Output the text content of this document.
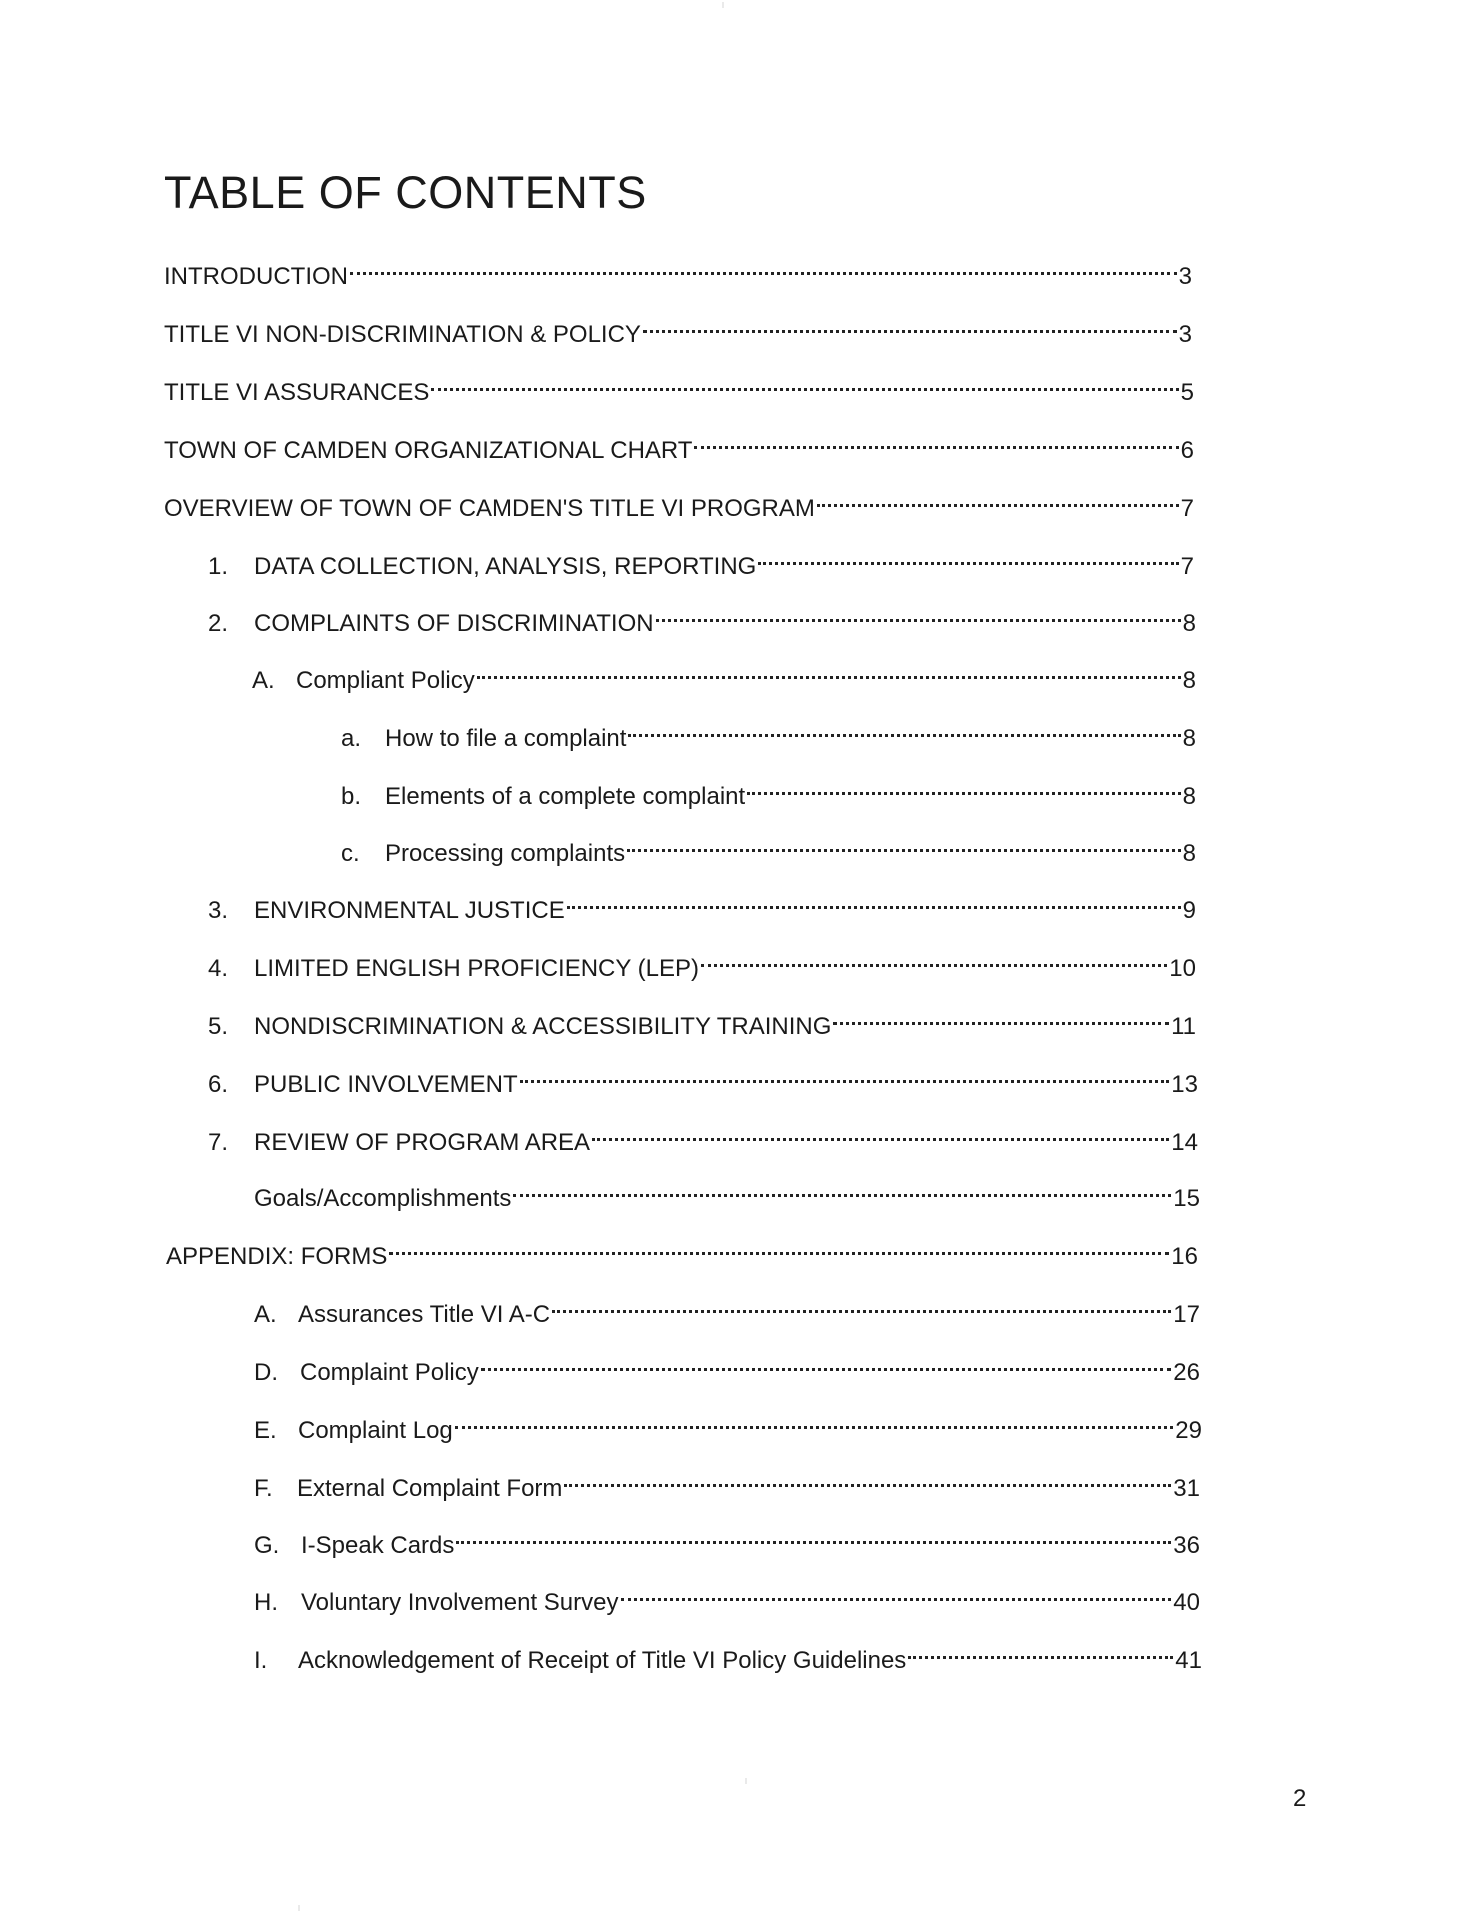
TABLE OF CONTENTS
INTRODUCTION	3
TITLE VI NON-DISCRIMINATION & POLICY	3
TITLE VI ASSURANCES	5
TOWN OF CAMDEN ORGANIZATIONAL CHART	6
OVERVIEW OF TOWN OF CAMDEN'S TITLE VI PROGRAM	7
1.	DATA COLLECTION, ANALYSIS, REPORTING	7
2.	COMPLAINTS OF DISCRIMINATION	8
A. Compliant Policy	8
a. How to file a complaint	8
b. Elements of a complete complaint	8
c.	Processing complaints	8
3.	ENVIRONMENTAL JUSTICE	9
4.	LIMITED ENGLISH PROFICIENCY (LEP)	10
5.	NONDISCRIMINATION & ACCESSIBILITY TRAINING	11
6.	PUBLIC INVOLVEMENT	13
7.	REVIEW OF PROGRAM AREA	14
Goals/Accomplishments	15
APPENDIX: FORMS	16
A. Assurances Title VI A-C	17
D. Complaint Policy	26
E. Complaint Log	29
F.	External Complaint Form	31
G. I-Speak Cards	36
H. Voluntary Involvement Survey	40
I.	Acknowledgement of Receipt of Title VI Policy Guidelines	41

2
